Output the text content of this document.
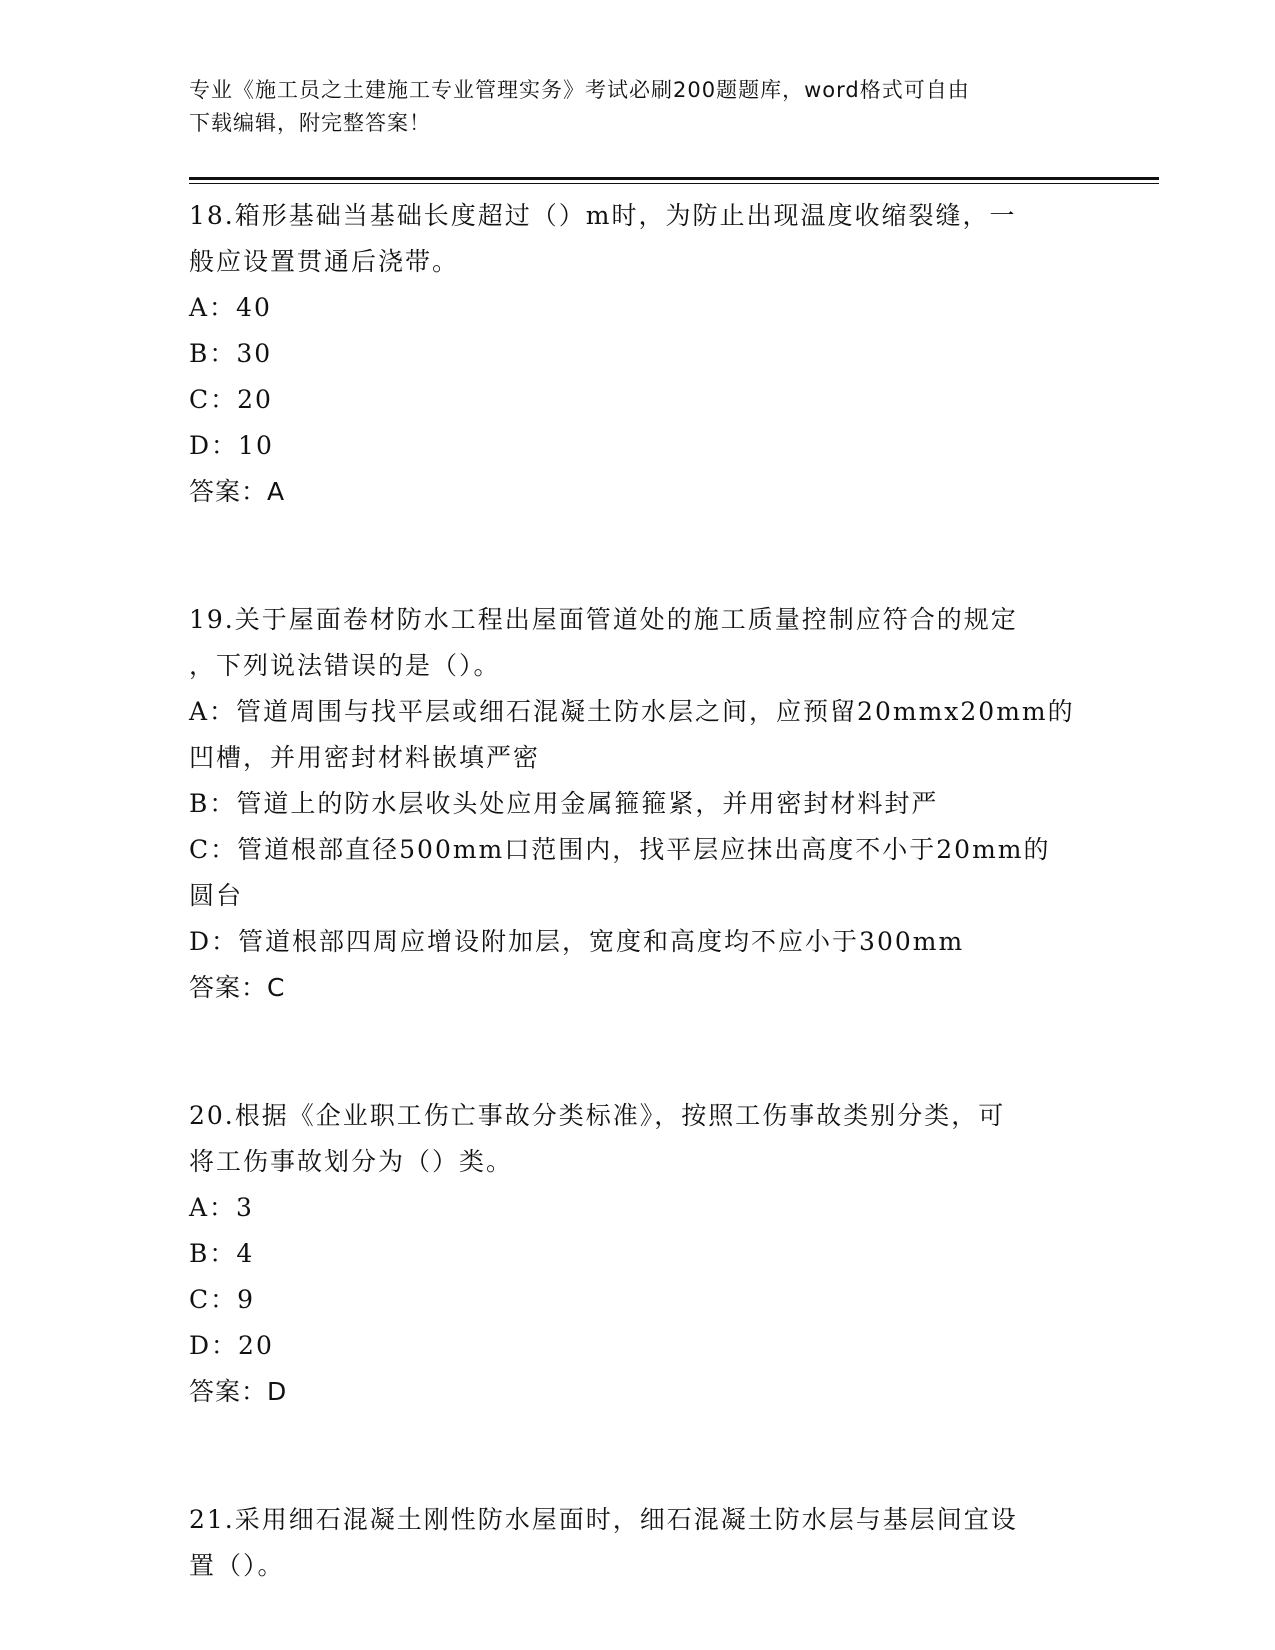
专业《施工员之土建施工专业管理实务》考试必刷200题题库，word格式可自由
下载编辑，附完整答案！
18.箱形基础当基础长度超过（）m时，为防止出现温度收缩裂缝，一
般应设置贯通后浇带。
A：40
B：30
C：20
D：10
答案：A
19.关于屋面卷材防水工程出屋面管道处的施工质量控制应符合的规定
，下列说法错误的是（）。
A：管道周围与找平层或细石混凝土防水层之间，应预留20mmx20mm的
凹槽，并用密封材料嵌填严密
B：管道上的防水层收头处应用金属箍箍紧，并用密封材料封严
C：管道根部直径500mm口范围内，找平层应抹出高度不小于20mm的
圆台
D：管道根部四周应增设附加层，宽度和高度均不应小于300mm
答案：C
20.根据《企业职工伤亡事故分类标准》，按照工伤事故类别分类，可
将工伤事故划分为（）类。
A：3
B：4
C：9
D：20
答案：D
21.采用细石混凝土刚性防水屋面时，细石混凝土防水层与基层间宜设
置（）。
